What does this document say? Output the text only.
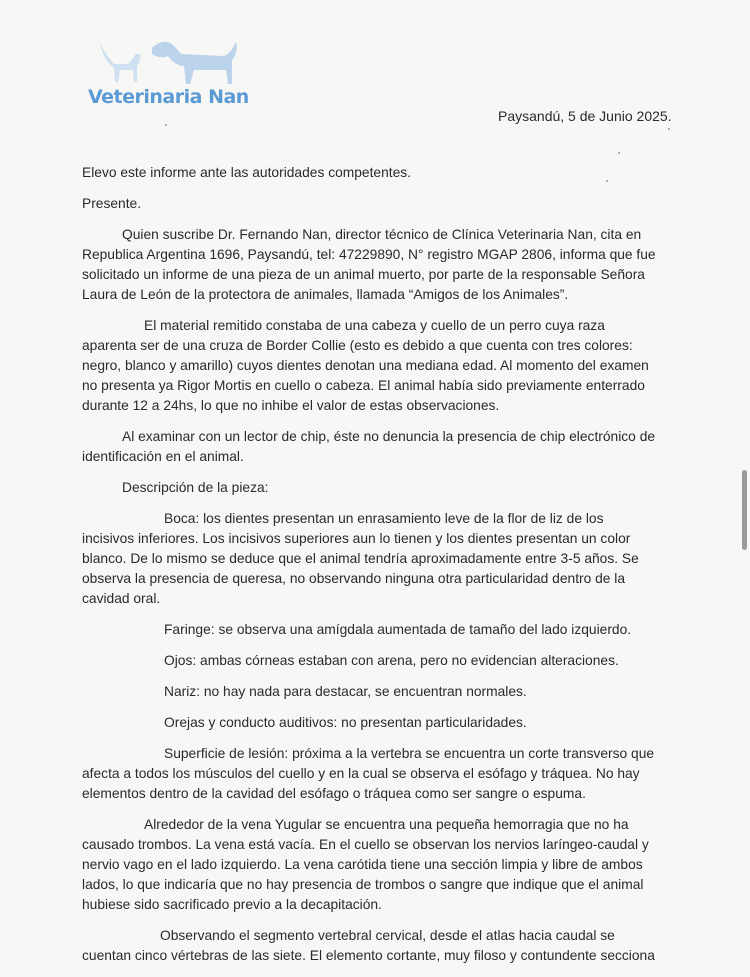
Veterinaria Nan
Paysandú, 5 de Junio 2025.

Elevo este informe ante las autoridades competentes.

Presente.

Quien suscribe Dr. Fernando Nan, director técnico de Clínica Veterinaria Nan, cita en Republica Argentina 1696, Paysandú, tel: 47229890, N° registro MGAP 2806, informa que fue solicitado un informe de una pieza de un animal muerto, por parte de la responsable Señora Laura de León de la protectora de animales, llamada “Amigos de los Animales”.

El material remitido constaba de una cabeza y cuello de un perro cuya raza aparenta ser de una cruza de Border Collie (esto es debido a que cuenta con tres colores: negro, blanco y amarillo) cuyos dientes denotan una mediana edad. Al momento del examen no presenta ya Rigor Mortis en cuello o cabeza. El animal había sido previamente enterrado durante 12 a 24hs, lo que no inhibe el valor de estas observaciones.

Al examinar con un lector de chip, éste no denuncia la presencia de chip electrónico de identificación en el animal.

Descripción de la pieza:

Boca: los dientes presentan un enrasamiento leve de la flor de liz de los incisivos inferiores. Los incisivos superiores aun lo tienen y los dientes presentan un color blanco. De lo mismo se deduce que el animal tendría aproximadamente entre 3-5 años. Se observa la presencia de queresa, no observando ninguna otra particularidad dentro de la cavidad oral.

Faringe: se observa una amígdala aumentada de tamaño del lado izquierdo.

Ojos: ambas córneas estaban con arena, pero no evidencian alteraciones.

Nariz: no hay nada para destacar, se encuentran normales.

Orejas y conducto auditivos: no presentan particularidades.

Superficie de lesión: próxima a la vertebra se encuentra un corte transverso que afecta a todos los músculos del cuello y en la cual se observa el esófago y tráquea. No hay elementos dentro de la cavidad del esófago o tráquea como ser sangre o espuma.

Alrededor de la vena Yugular se encuentra una pequeña hemorragia que no ha causado trombos. La vena está vacía. En el cuello se observan los nervios laríngeo-caudal y nervio vago en el lado izquierdo. La vena carótida tiene una sección limpia y libre de ambos lados, lo que indicaría que no hay presencia de trombos o sangre que indique que el animal hubiese sido sacrificado previo a la decapitación.

Observando el segmento vertebral cervical, desde el atlas hacia caudal se cuentan cinco vértebras de las siete. El elemento cortante, muy filoso y contundente secciona
